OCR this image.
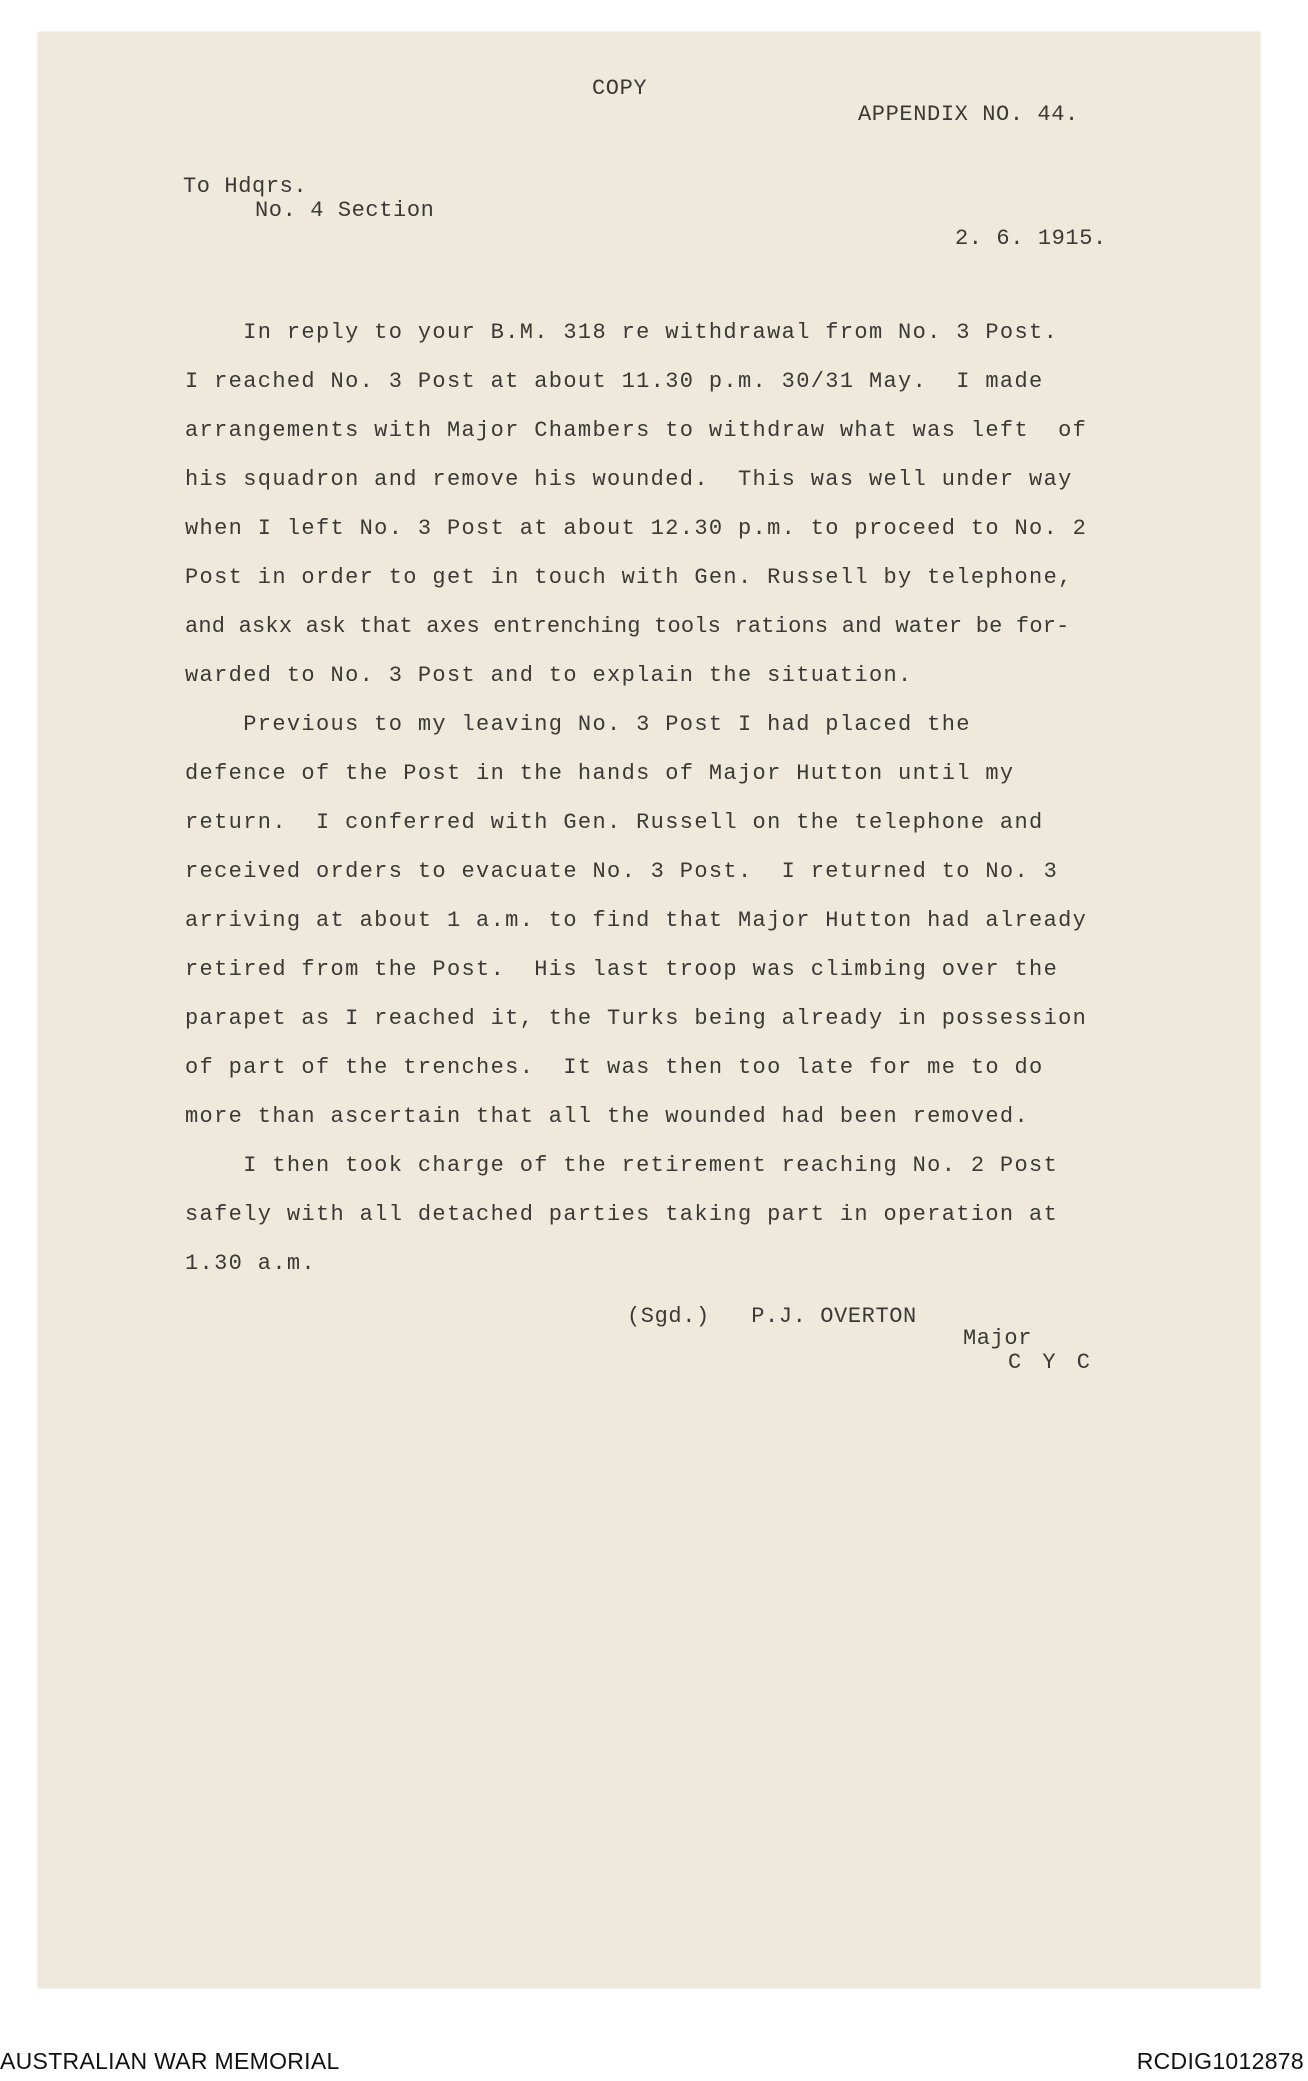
COPY
APPENDIX NO. 44.
To Hdqrs.
No. 4 Section
2. 6. 1915.
In reply to your B.M. 318 re withdrawal from No. 3 Post.
I reached No. 3 Post at about 11.30 p.m. 30/31 May.  I made
arrangements with Major Chambers to withdraw what was left  of
his squadron and remove his wounded.  This was well under way
when I left No. 3 Post at about 12.30 p.m. to proceed to No. 2
Post in order to get in touch with Gen. Russell by telephone,
and askx ask that axes entrenching tools rations and water be for-
warded to No. 3 Post and to explain the situation.
Previous to my leaving No. 3 Post I had placed the
defence of the Post in the hands of Major Hutton until my
return.  I conferred with Gen. Russell on the telephone and
received orders to evacuate No. 3 Post.  I returned to No. 3
arriving at about 1 a.m. to find that Major Hutton had already
retired from the Post.  His last troop was climbing over the
parapet as I reached it, the Turks being already in possession
of part of the trenches.  It was then too late for me to do
more than ascertain that all the wounded had been removed.
I then took charge of the retirement reaching No. 2 Post
safely with all detached parties taking part in operation at
1.30 a.m.
(Sgd.)   P.J. OVERTON
Major
C Y C
AUSTRALIAN WAR MEMORIAL	RCDIG1012878
